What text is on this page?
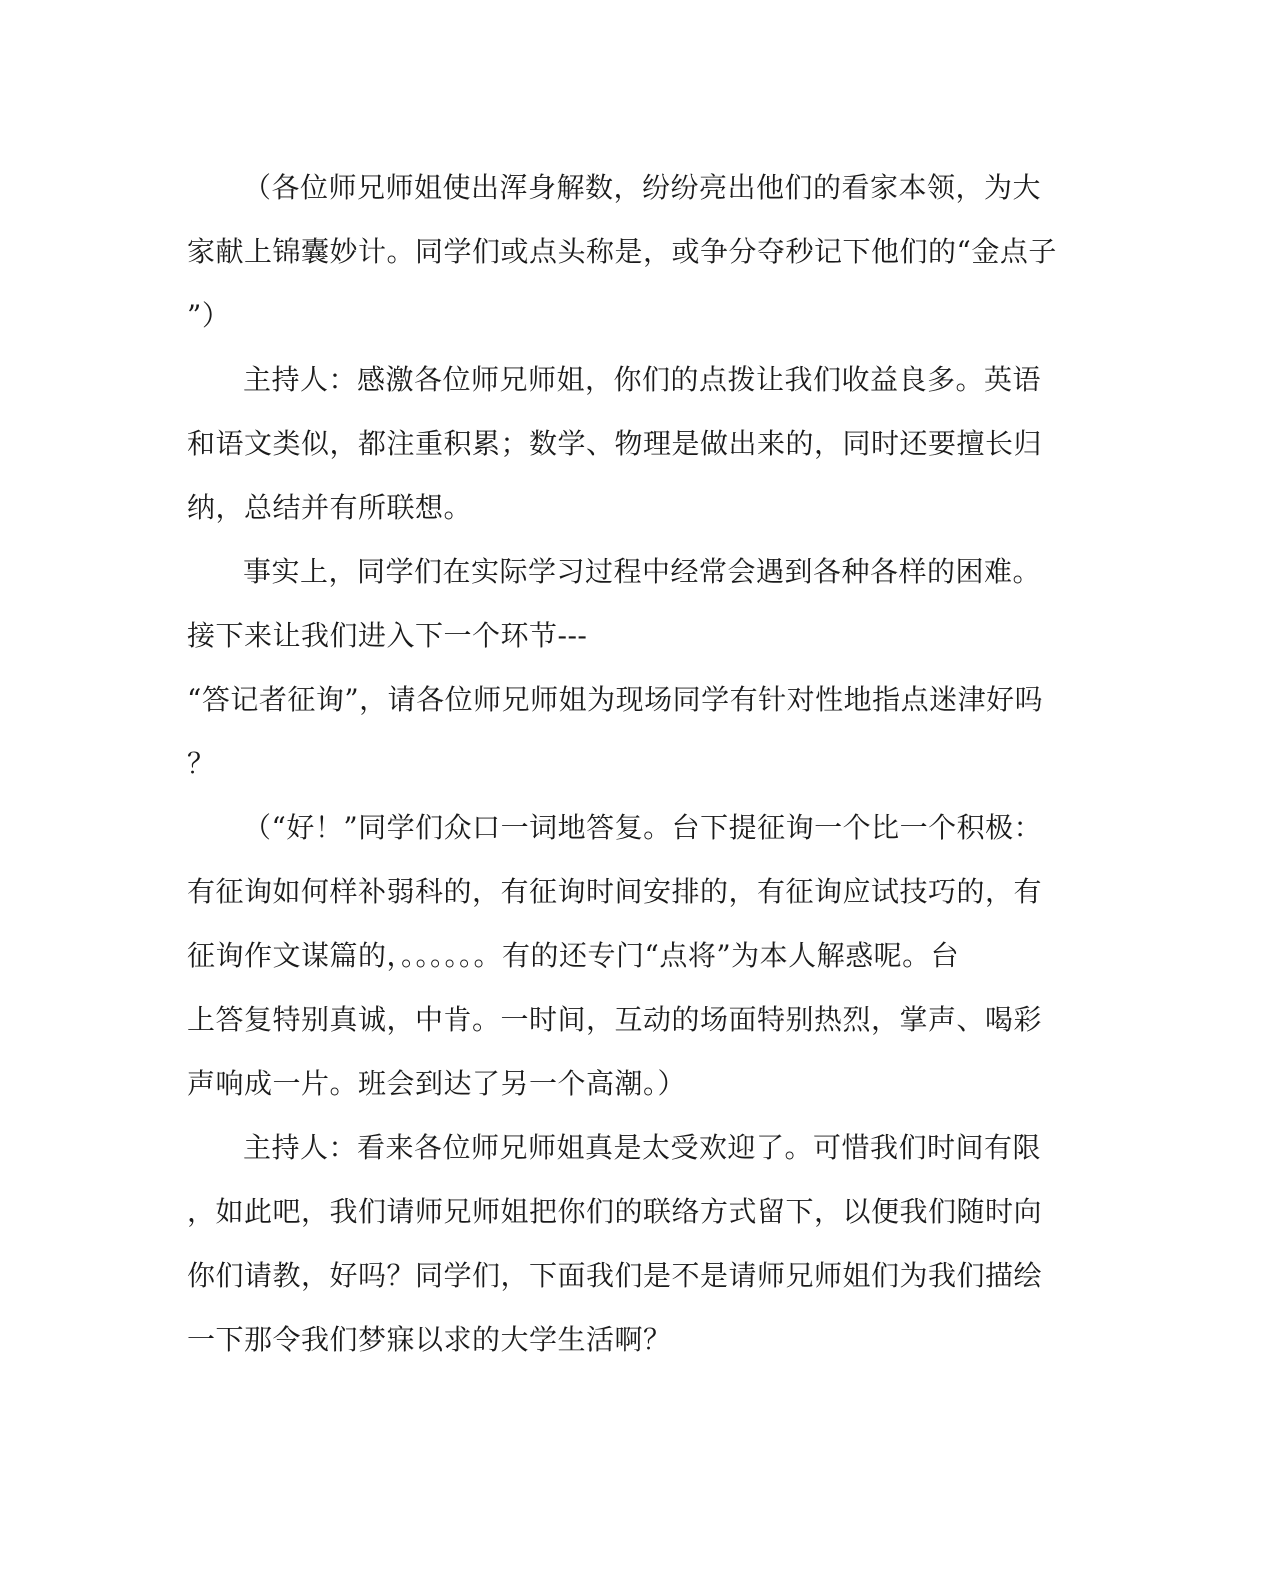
（各位师兄师姐使出浑身解数，纷纷亮出他们的看家本领，为大
家献上锦囊妙计。同学们或点头称是，或争分夺秒记下他们的“金点子
”）
主持人：感激各位师兄师姐，你们的点拨让我们收益良多。英语
和语文类似，都注重积累；数学、物理是做出来的，同时还要擅长归
纳，总结并有所联想。
事实上，同学们在实际学习过程中经常会遇到各种各样的困难。
接下来让我们进入下一个环节---
“答记者征询”，请各位师兄师姐为现场同学有针对性地指点迷津好吗
？
（“好！”同学们众口一词地答复。台下提征询一个比一个积极：
有征询如何样补弱科的，有征询时间安排的，有征询应试技巧的，有
征询作文谋篇的，。。。。。。有的还专门“点将”为本人解惑呢。台
上答复特别真诚，中肯。一时间，互动的场面特别热烈，掌声、喝彩
声响成一片。班会到达了另一个高潮。）
主持人：看来各位师兄师姐真是太受欢迎了。可惜我们时间有限
，如此吧，我们请师兄师姐把你们的联络方式留下，以便我们随时向
你们请教，好吗？同学们，下面我们是不是请师兄师姐们为我们描绘
一下那令我们梦寐以求的大学生活啊？
